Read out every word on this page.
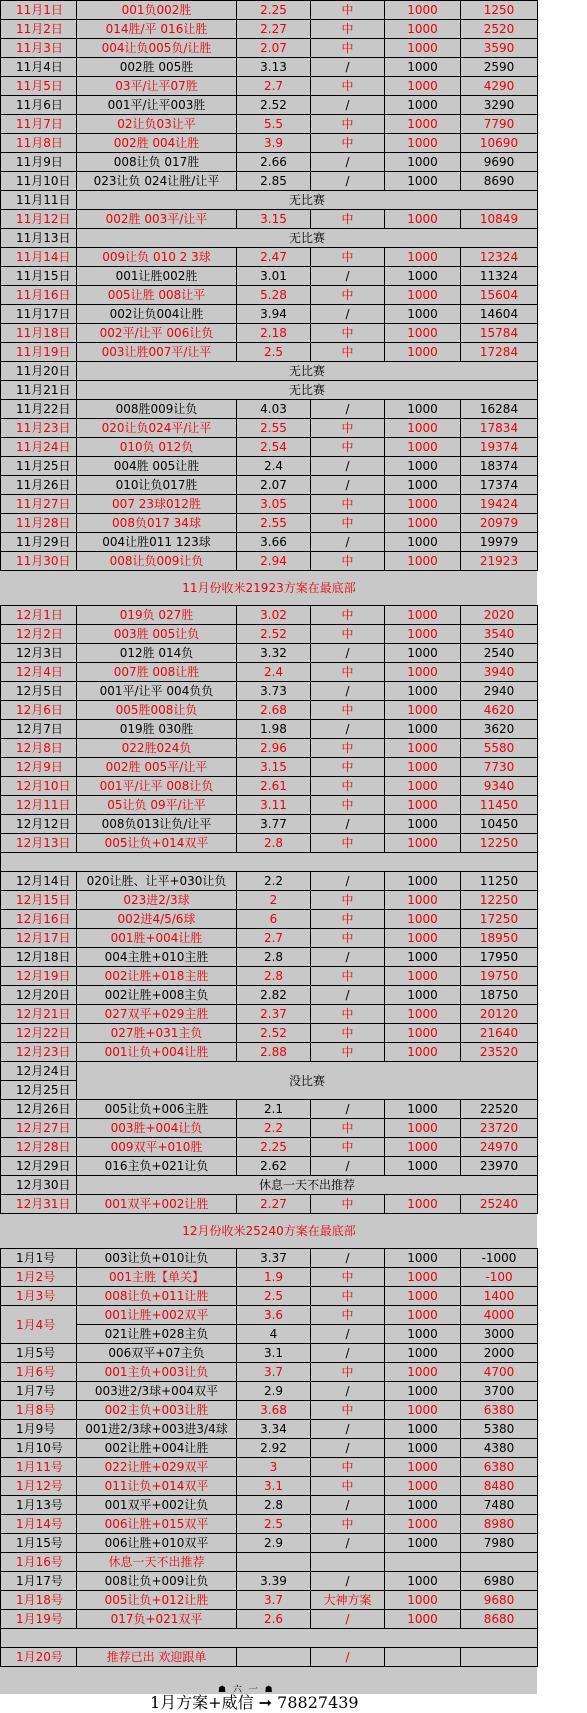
11月1日	001负002胜	2.25	中	1000	1250
11月2日	014胜/平 016让胜	2.27	中	1000	2520
11月3日	004让负005负/让胜	2.07	中	1000	3590
11月4日	002胜 005胜	3.13	/	1000	2590
11月5日	03平/让平07胜	2.7	中	1000	4290
11月6日	001平/让平003胜	2.52	/	1000	3290
11月7日	02让负03让平	5.5	中	1000	7790
11月8日	002胜 004让胜	3.9	中	1000	10690
11月9日	008让负 017胜	2.66	/	1000	9690
11月10日	023让负 024让胜/让平	2.85	/	1000	8690
11月11日	无比赛				
11月12日	002胜 003平/让平	3.15	中	1000	10849
11月13日	无比赛				
11月14日	009让负 010 2 3球	2.47	中	1000	12324
11月15日	001让胜002胜	3.01	/	1000	11324
11月16日	005让胜 008让平	5.28	中	1000	15604
11月17日	002让负004让胜	3.94	/	1000	14604
11月18日	002平/让平 006让负	2.18	中	1000	15784
11月19日	003让胜007平/让平	2.5	中	1000	17284
11月20日	无比赛				
11月21日	无比赛				
11月22日	008胜009让负	4.03	/	1000	16284
11月23日	020让负024平/让平	2.55	中	1000	17834
11月24日	010负 012负	2.54	中	1000	19374
11月25日	004胜 005让胜	2.4	/	1000	18374
11月26日	010让负017胜	2.07	/	1000	17374
11月27日	007 23球012胜	3.05	中	1000	19424
11月28日	008负017 34球	2.55	中	1000	20979
11月29日	004让胜011 123球	3.66	/	1000	19979
11月30日	008让负009让负	2.94	中	1000	21923
11月份收米21923方案在最底部					
12月1日	019负 027胜	3.02	中	1000	2020
12月2日	003胜 005让负	2.52	中	1000	3540
12月3日	012胜 014负	3.32	/	1000	2540
12月4日	007胜 008让胜	2.4	中	1000	3940
12月5日	001平/让平 004负负	3.73	/	1000	2940
12月6日	005胜008让负	2.68	中	1000	4620
12月7日	019胜 030胜	1.98	/	1000	3620
12月8日	022胜024负	2.96	中	1000	5580
12月9日	002胜 005平/让平	3.15	中	1000	7730
12月10日	001平/让平 008让负	2.61	中	1000	9340
12月11日	05让负 09平/让平	3.11	中	1000	11450
12月12日	008负013让负/让平	3.77	/	1000	10450
12月13日	005让负+014双平	2.8	中	1000	12250

12月14日	020让胜、让平+030让负	2.2	/	1000	11250
12月15日	023进2/3球	2	中	1000	12250
12月16日	002进4/5/6球	6	中	1000	17250
12月17日	001胜+004让胜	2.7	中	1000	18950
12月18日	004主胜+010主胜	2.8	/	1000	17950
12月19日	002让胜+018主胜	2.8	中	1000	19750
12月20日	002让胜+008主负	2.82	/	1000	18750
12月21日	027双平+029主胜	2.37	中	1000	20120
12月22日	027胜+031主负	2.52	中	1000	21640
12月23日	001让负+004让胜	2.88	中	1000	23520
12月24日	没比赛				
12月25日					
12月26日	005让负+006主胜	2.1	/	1000	22520
12月27日	003胜+004让负	2.2	中	1000	23720
12月28日	009双平+010胜	2.25	中	1000	24970
12月29日	016主负+021让负	2.62	/	1000	23970
12月30日	休息一天不出推荐				
12月31日	001双平+002让胜	2.27	中	1000	25240
12月份收米25240方案在最底部					
1月1号	003让负+010让负	3.37	/	1000	-1000
1月2号	001主胜【单关】	1.9	中	1000	-100
1月3号	008让负+011让胜	2.5	中	1000	1400
1月4号	001让胜+002双平	3.6	中	1000	4000
	021让胜+028主负	4	/	1000	3000
1月5号	006双平+07主负	3.1	/	1000	2000
1月6号	001主负+003让负	3.7	中	1000	4700
1月7号	003进2/3球+004双平	2.9	/	1000	3700
1月8号	002主负+003让胜	3.68	中	1000	6380
1月9号	001进2/3球+003进3/4球	3.34	/	1000	5380
1月10号	002让胜+004让胜	2.92	/	1000	4380
1月11号	022让胜+029双平	3	中	1000	6380
1月12号	011让负+014双平	3.1	中	1000	8480
1月13号	001双平+002让负	2.8	/	1000	7480
1月14号	006让胜+015双平	2.5	中	1000	8980
1月15号	006让胜+010双平	2.9	/	1000	7980
1月16号	休息一天不出推荐				
1月17号	008让负+009让负	3.39	/	1000	6980
1月18号	005让负+012让胜	3.7	大神方案	1000	9680
1月19号	017负+021双平	2.6	/	1000	8680

1月20号	推荐已出 欢迎跟单		/		
☗ 六 一 ☗
1月方案+威信 ➞ 78827439
